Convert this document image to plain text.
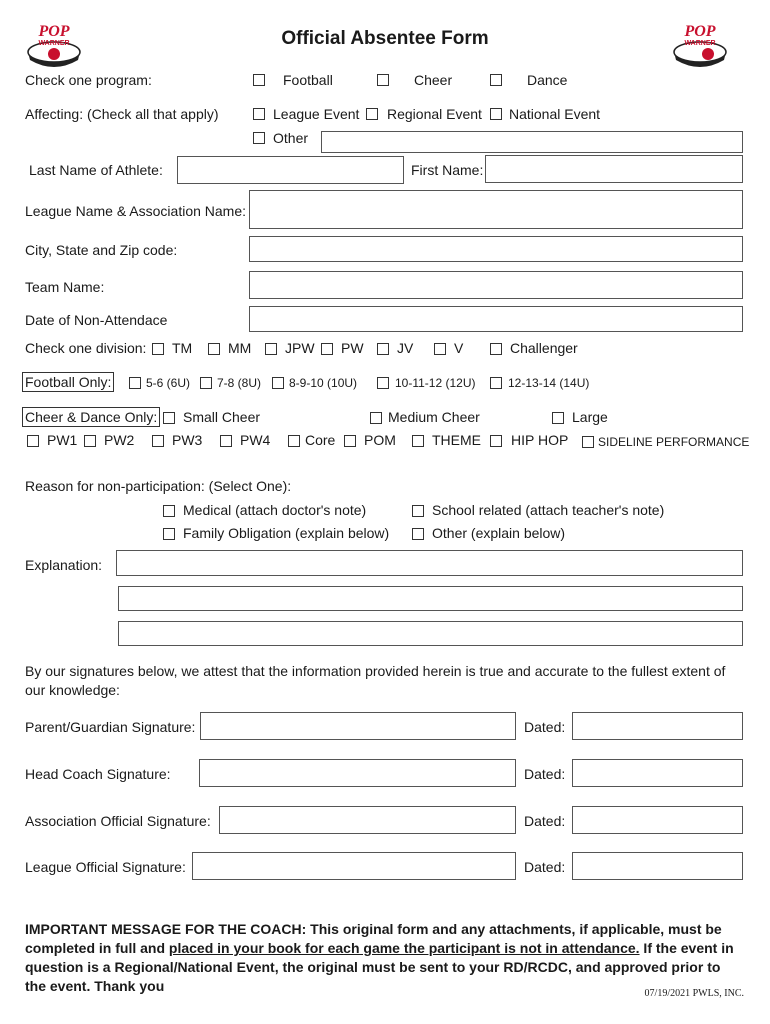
POP
WARNER
POP
WARNER
Official Absentee Form
Check one program:	Football	Cheer	Dance
Affecting: (Check all that apply)	League Event Regional Event National Event
Other
Last Name of Athlete:	First Name:
League Name & Association Name:
City, State and Zip code:
Team Name:
Date of Non-Attendace
Check one division: TM	MM JPW PW JV	V	Challenger
Football Only:	5-6 (6U) 7-8 (8U) 8-9-10 (10U)	10-11-12 (12U)	12-13-14 (14U)
Cheer & Dance Only: Small Cheer	Medium Cheer	Large
PW1 PW2	PW3	PW4 Core POM	THEME HIP HOP SIDELINE PERFORMANCE
Reason for non-participation: (Select One):
Medical (attach doctor's note)	School related (attach teacher's note)
Family Obligation (explain below)	Other (explain below)
Explanation:
By our signatures below, we attest that the information provided herein is true and accurate to the fullest extent of our knowledge:
Parent/Guardian Signature:	Dated:
Head Coach Signature:	Dated:
Association Official Signature:	Dated:
League Official Signature:	Dated:
IMPORTANT MESSAGE FOR THE COACH: This original form and any attachments, if applicable, must be completed in full and placed in your book for each game the participant is not in attendance. If the event in question is a Regional/National Event, the original must be sent to your RD/RCDC, and approved prior to the event. Thank you	07/19/2021 PWLS, INC.
